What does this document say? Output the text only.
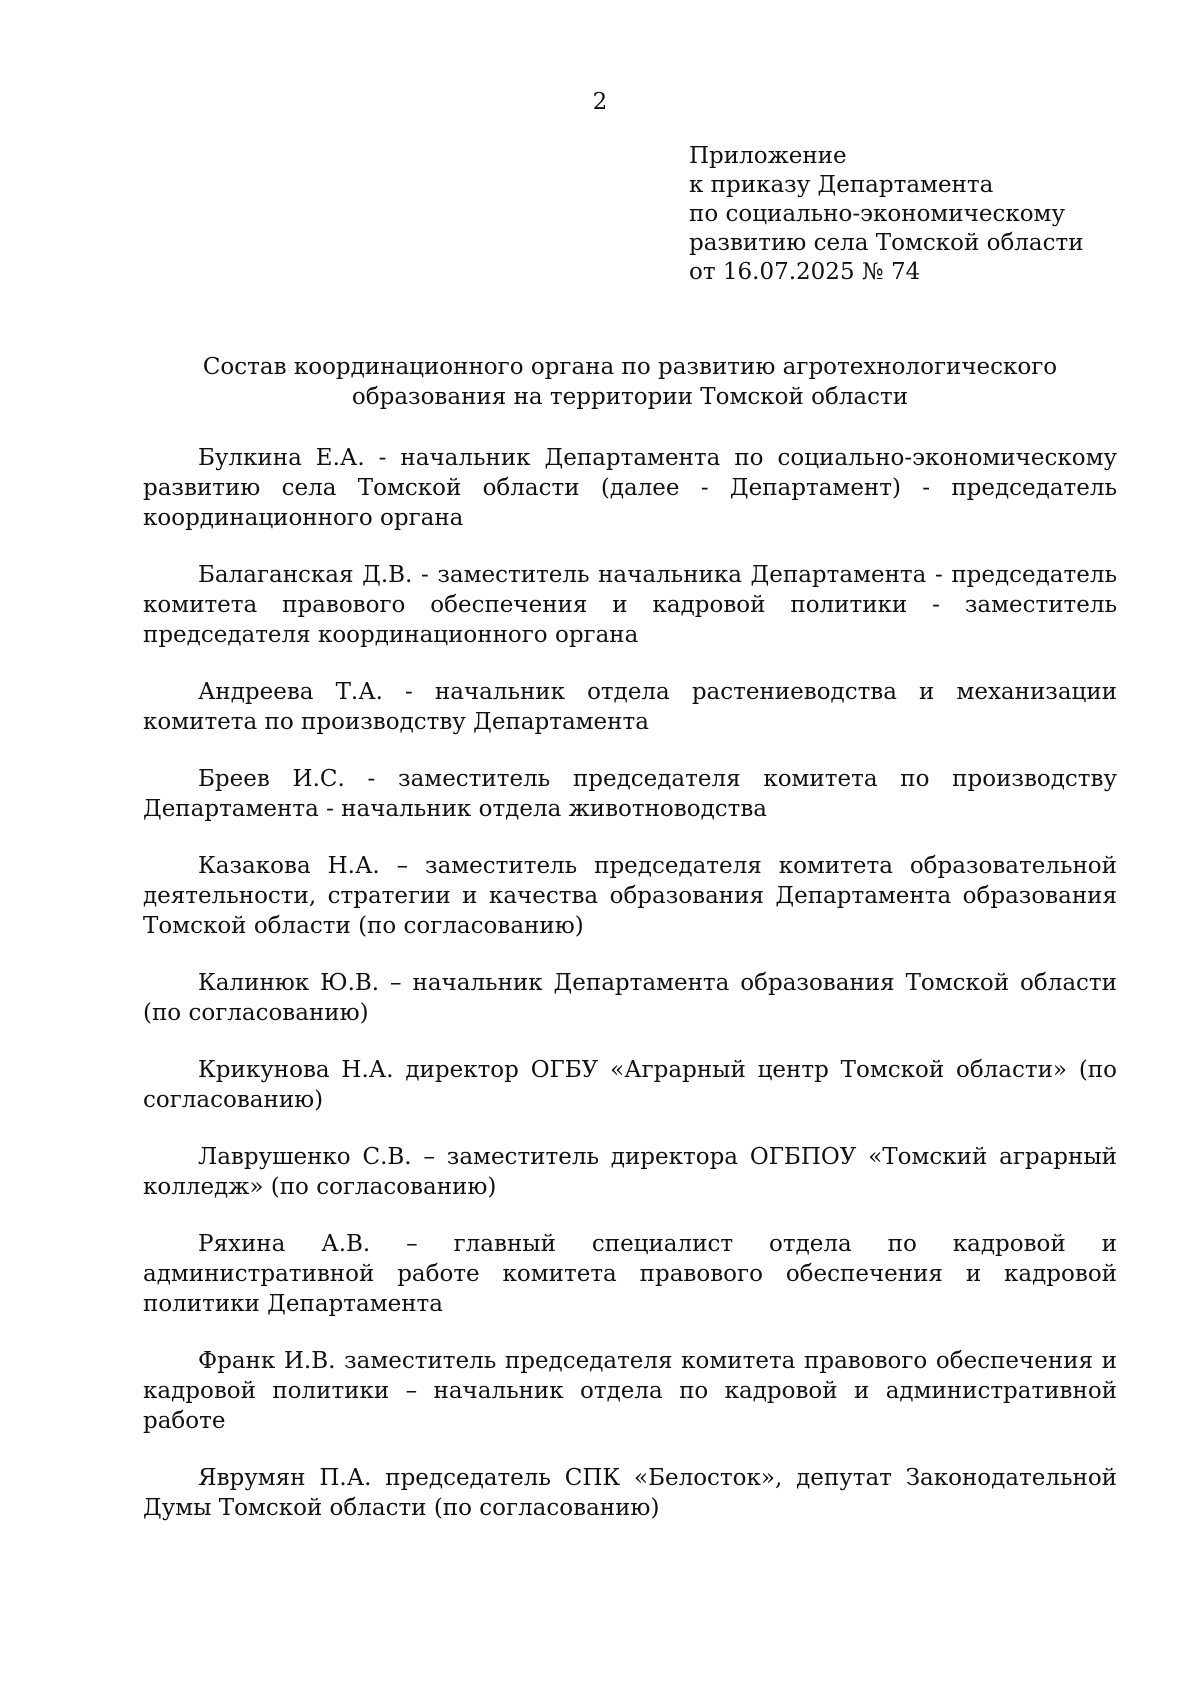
2
Приложение
к приказу Департамента
по социально-экономическому
развитию села Томской области
от 16.07.2025 № 74
Состав координационного органа по развитию агротехнологического
образования на территории Томской области

Булкина Е.А. - начальник Департамента по социально-экономическому развитию села Томской области (далее - Департамент) - председатель координационного органа

Балаганская Д.В. - заместитель начальника Департамента - председатель комитета правового обеспечения и кадровой политики - заместитель председателя координационного органа

Андреева Т.А. - начальник отдела растениеводства и механизации комитета по производству Департамента

Бреев И.С. - заместитель председателя комитета по производству Департамента - начальник отдела животноводства

Казакова Н.А. – заместитель председателя комитета образовательной деятельности, стратегии и качества образования Департамента образования Томской области (по согласованию)

Калинюк Ю.В. – начальник Департамента образования Томской области (по согласованию)

Крикунова Н.А. директор ОГБУ «Аграрный центр Томской области» (по согласованию)

Лаврушенко С.В. – заместитель директора ОГБПОУ «Томский аграрный колледж» (по согласованию)

Ряхина А.В. – главный специалист отдела по кадровой и административной работе комитета правового обеспечения и кадровой политики Департамента

Франк И.В. заместитель председателя комитета правового обеспечения и кадровой политики – начальник отдела по кадровой и административной работе

Яврумян П.А. председатель СПК «Белосток», депутат Законодательной Думы Томской области (по согласованию)
